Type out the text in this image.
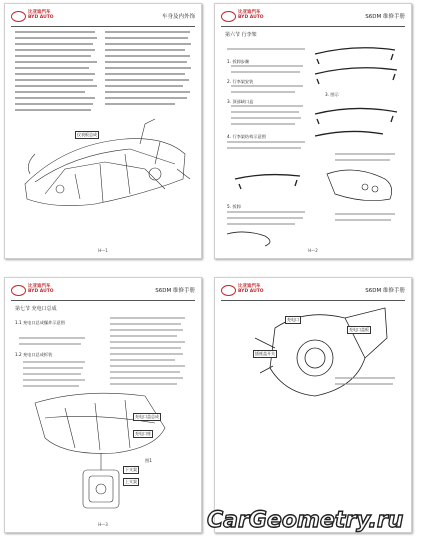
比亚迪汽车
BYD AUTO	车身及内外饰
仪表板总成
H—1
比亚迪汽车
BYD AUTO	S6DM 维修手册
第六节 行李架
1. 拆卸步骤
2. 行李架安装
3. 顶部缺口盒
4. 行李架结构示意图
5. 拆卸
3. 图示
H—2
比亚迪汽车
BYD AUTO	S6DM 维修手册
第七节 充电口总成
1.1 充电口总成爆炸示意图
1.2 充电口总成拆装
充电口盖总成
充电口座
下支架
上支架
图1
H—3
比亚迪汽车
BYD AUTO	S6DM 维修手册
充电口
插座盖开关
充电口盖板
CarGeometry.ru
